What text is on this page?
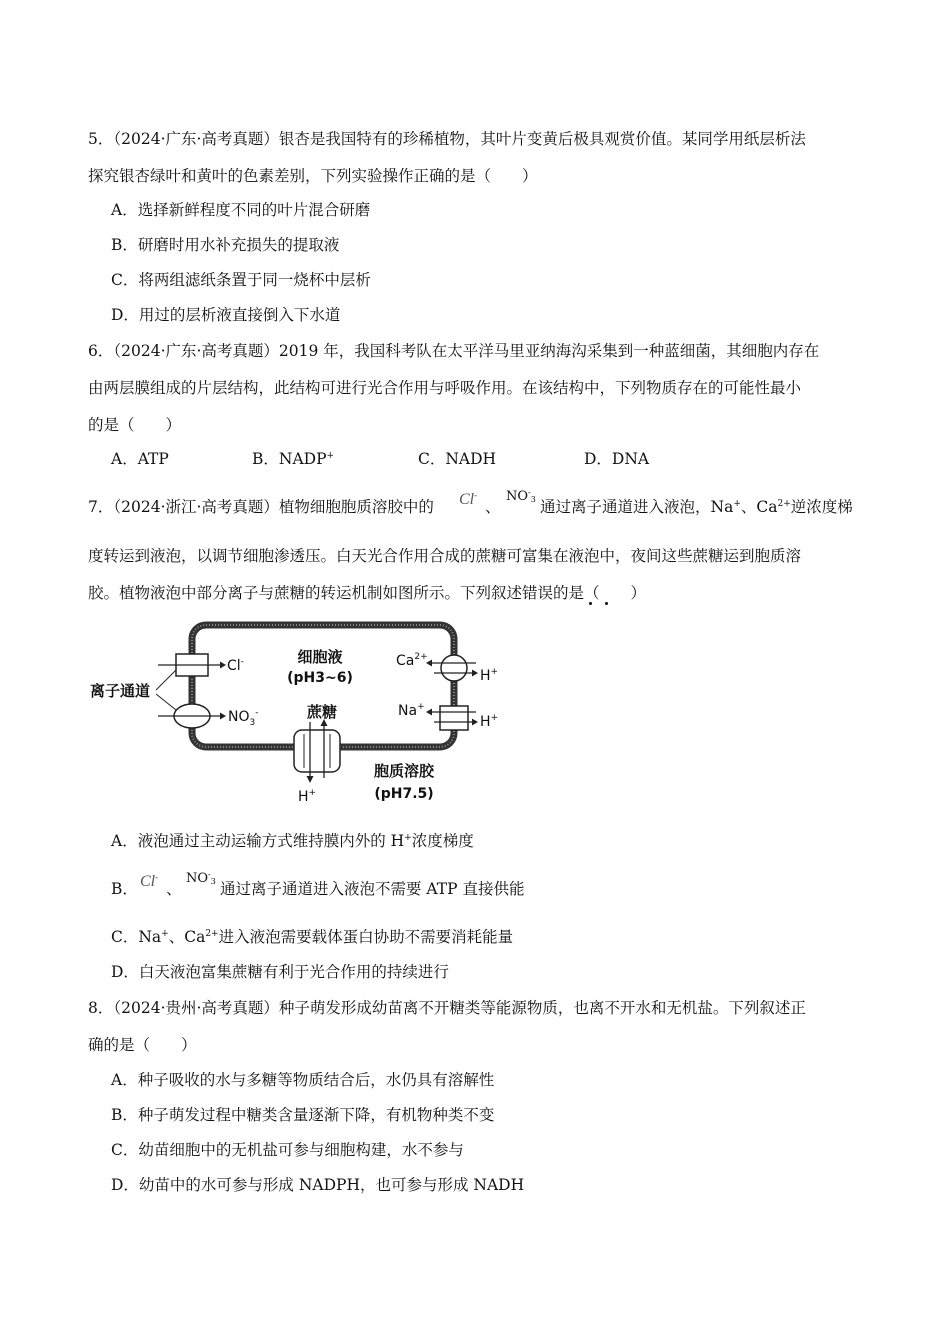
5．（2024·广东·高考真题）银杏是我国特有的珍稀植物，其叶片变黄后极具观赏价值。某同学用纸层析法
探究银杏绿叶和黄叶的色素差别，下列实验操作正确的是（　　）
A．选择新鲜程度不同的叶片混合研磨
B．研磨时用水补充损失的提取液
C．将两组滤纸条置于同一烧杯中层析
D．用过的层析液直接倒入下水道
6．（2024·广东·高考真题）2019 年，我国科考队在太平洋马里亚纳海沟采集到一种蓝细菌，其细胞内存在
由两层膜组成的片层结构，此结构可进行光合作用与呼吸作用。在该结构中，下列物质存在的可能性最小
的是（　　）
A．ATP	B．NADP+	C．NADH	D．DNA
7．（2024·浙江·高考真题）植物细胞胞质溶胶中的 Cl-
、
NO-3 通过离子通道进入液泡，Na+、$Ca^{2+}$逆浓度梯
度转运到液泡，以调节细胞渗透压。白天光合作用合成的蔗糖可富集在液泡中，夜间这些蔗糖运到胞质溶
胶。植物液泡中部分离子与蔗糖的转运机制如图所示。下列叙述错误的是（　　）
Cl-
$NO_3^-$
离子通道
细胞液
(pH3~6)
$Ca^{2+}$
H+
Na+
H+
蔗糖
H+
胞质溶胶
(pH7.5)
A．液泡通过主动运输方式维持膜内外的 H+浓度梯度
B． Cl-
、
NO-3 通过离子通道进入液泡不需要 ATP 直接供能
C．Na+、$Ca^{2+}$进入液泡需要载体蛋白协助不需要消耗能量
D．白天液泡富集蔗糖有利于光合作用的持续进行
8．（2024·贵州·高考真题）种子萌发形成幼苗离不开糖类等能源物质，也离不开水和无机盐。下列叙述正
确的是（　　）
A．种子吸收的水与多糖等物质结合后，水仍具有溶解性
B．种子萌发过程中糖类含量逐渐下降，有机物种类不变
C．幼苗细胞中的无机盐可参与细胞构建，水不参与
D．幼苗中的水可参与形成 NADPH，也可参与形成 NADH
